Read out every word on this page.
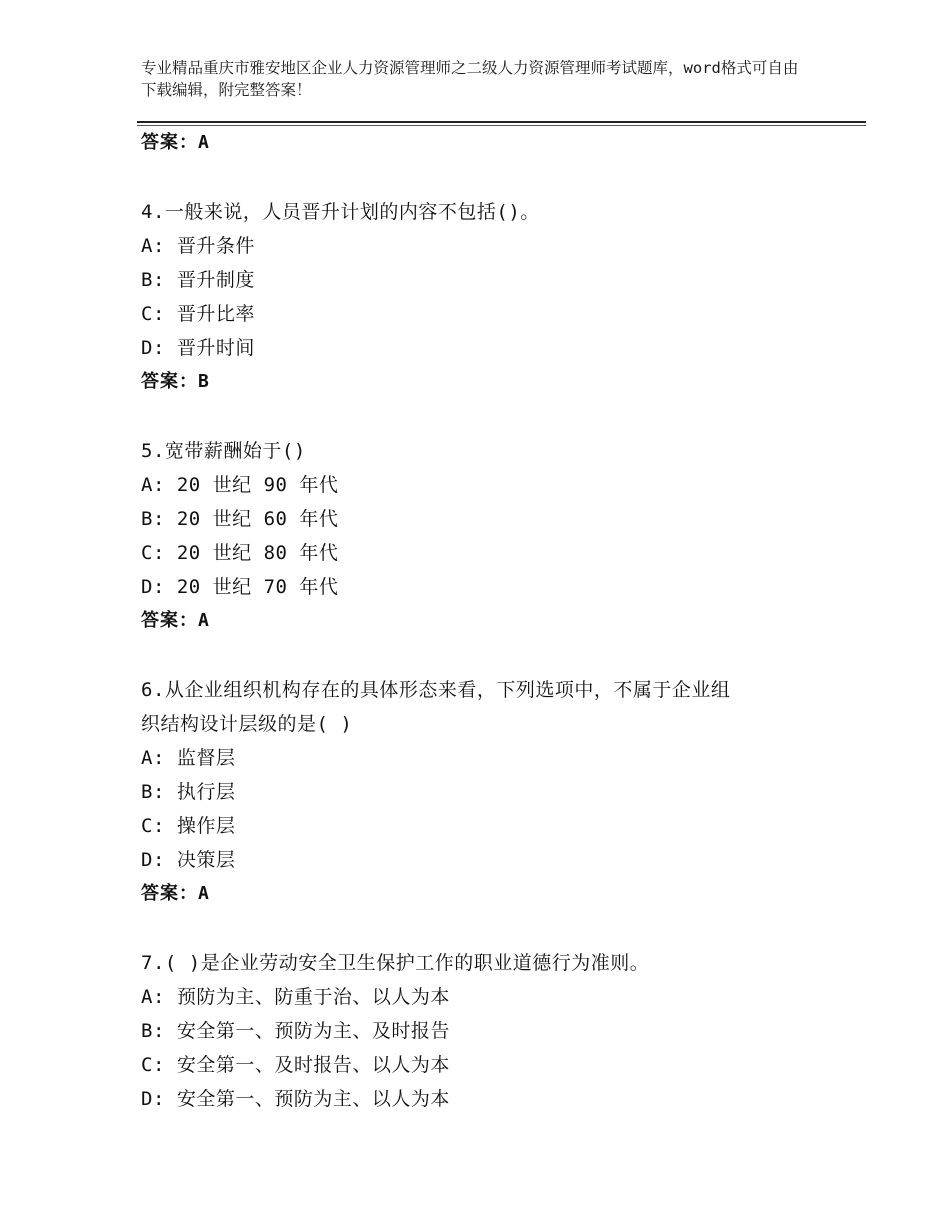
专业精品重庆市雅安地区企业人力资源管理师之二级人力资源管理师考试题库，word格式可自由下载编辑，附完整答案！
答案：A
4.一般来说，人员晋升计划的内容不包括()。
A: 晋升条件
B: 晋升制度
C: 晋升比率
D: 晋升时间
答案：B
5.宽带薪酬始于()
A: 20 世纪 90 年代
B: 20 世纪 60 年代
C: 20 世纪 80 年代
D: 20 世纪 70 年代
答案：A
6.从企业组织机构存在的具体形态来看，下列选项中，不属于企业组
织结构设计层级的是( )
A: 监督层
B: 执行层
C: 操作层
D: 决策层
答案：A
7.( )是企业劳动安全卫生保护工作的职业道德行为准则。
A: 预防为主、防重于治、以人为本
B: 安全第一、预防为主、及时报告
C: 安全第一、及时报告、以人为本
D: 安全第一、预防为主、以人为本
